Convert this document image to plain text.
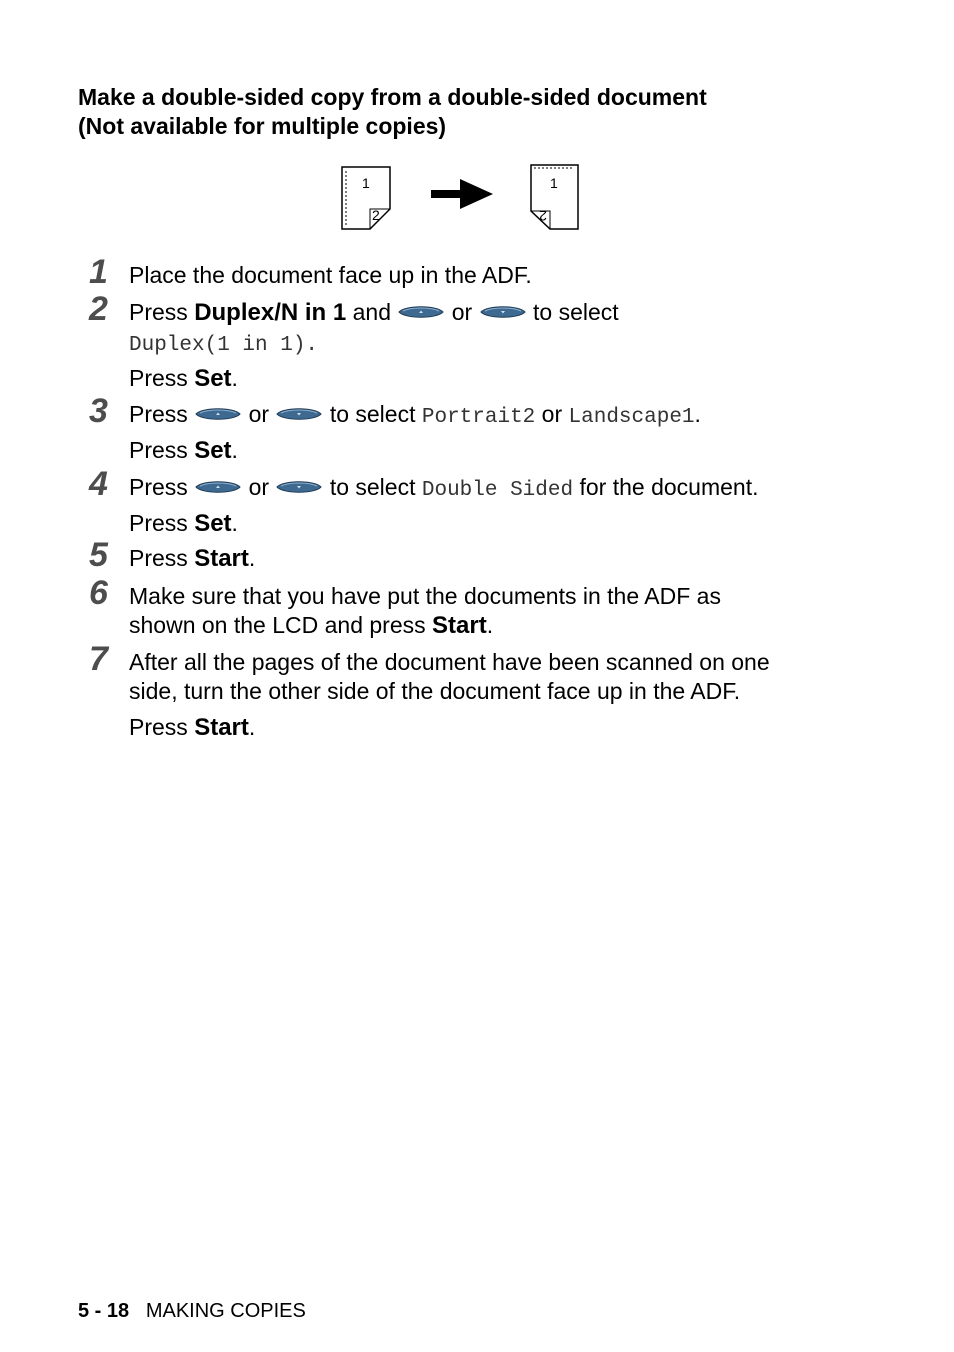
Make a double-sided copy from a double-sided document
(Not available for multiple copies)
1
2
1
2
1 Place the document face up in the ADF.
2 Press Duplex/N in 1 and	or	to select
Duplex(1 in 1).
Press Set.
3 Press	or	to select Portrait2 or Landscape1.
Press Set.
4 Press	or	to select Double Sided for the document.
Press Set.
5 Press Start.
6 Make sure that you have put the documents in the ADF as
shown on the LCD and press Start.
7 After all the pages of the document have been scanned on one
side, turn the other side of the document face up in the ADF.
Press Start.
5 - 18 MAKING COPIES
